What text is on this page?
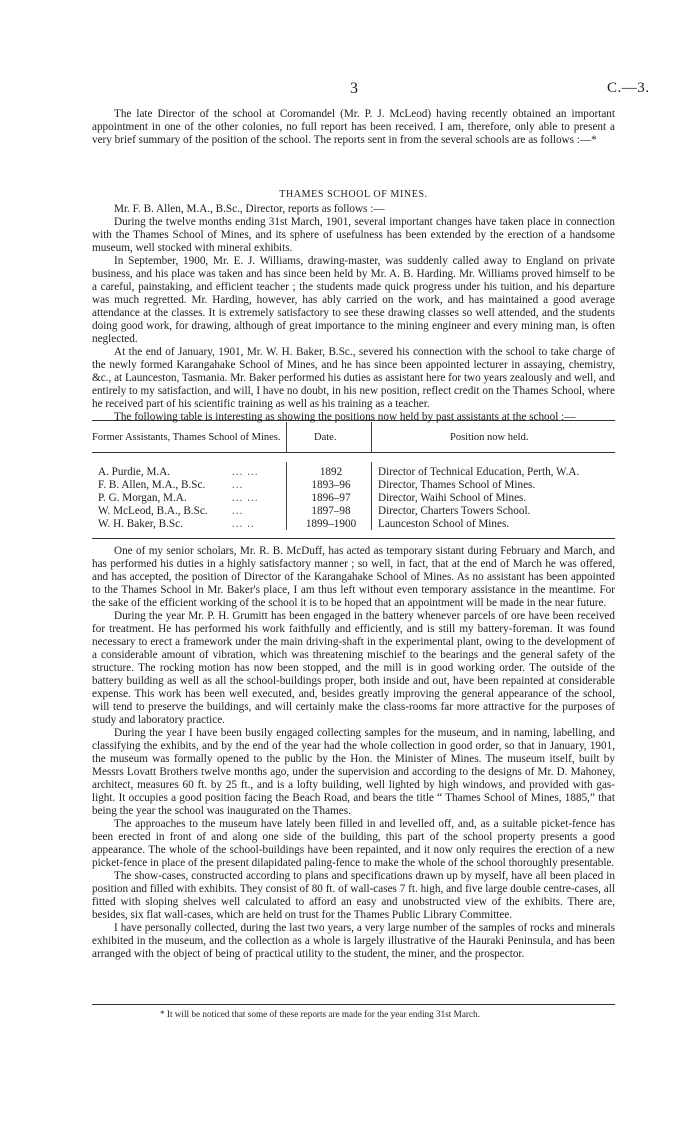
3	C.—3.

The late Director of the school at Coromandel (Mr. P. J. McLeod) having recently obtained an important appointment in one of the other colonies, no full report has been received. I am, therefore, only able to present a very brief summary of the position of the school. The reports sent in from the several schools are as follows :—*

THAMES SCHOOL OF MINES.

Mr. F. B. Allen, M.A., B.Sc., Director, reports as follows :—

During the twelve months ending 31st March, 1901, several important changes have taken place in connection with the Thames School of Mines, and its sphere of usefulness has been extended by the erection of a handsome museum, well stocked with mineral exhibits.

In September, 1900, Mr. E. J. Williams, drawing-master, was suddenly called away to England on private business, and his place was taken and has since been held by Mr. A. B. Harding. Mr. Williams proved himself to be a careful, painstaking, and efficient teacher ; the students made quick progress under his tuition, and his departure was much regretted. Mr. Harding, however, has ably carried on the work, and has maintained a good average attendance at the classes. It is extremely satisfactory to see these drawing classes so well attended, and the students doing good work, for drawing, although of great importance to the mining engineer and every mining man, is often neglected.

At the end of January, 1901, Mr. W. H. Baker, B.Sc., severed his connection with the school to take charge of the newly formed Karangahake School of Mines, and he has since been appointed lecturer in assaying, chemistry, &c., at Launceston, Tasmania. Mr. Baker performed his duties as assistant here for two years zealously and well, and entirely to my satisfaction, and will, I have no doubt, in his new position, reflect credit on the Thames School, where he received part of his scientific training as well as his training as a teacher.

The following table is interesting as showing the positions now held by past assistants at the school :—

Former Assistants, Thames School of Mines.	Date.	Position now held.
A. Purdie, M.A.	... ...	1892	Director of Technical Education, Perth, W.A.
F. B. Allen, M.A., B.Sc. ...	1893–96	Director, Thames School of Mines.
P. G. Morgan, M.A.	... ...	1896–97	Director, Waihi School of Mines.
W. McLeod, B.A., B.Sc. ...	1897–98	Director, Charters Towers School.
W. H. Baker, B.Sc.	... ..	1899–1900	Launceston School of Mines.

One of my senior scholars, Mr. R. B. McDuff, has acted as temporary sistant during February and March, and has performed his duties in a highly satisfactory manner ; so well, in fact, that at the end of March he was offered, and has accepted, the position of Director of the Karangahake School of Mines. As no assistant has been appointed to the Thames School in Mr. Baker's place, I am thus left without even temporary assistance in the meantime. For the sake of the efficient working of the school it is to be hoped that an appointment will be made in the near future.

During the year Mr. P. H. Grumitt has been engaged in the battery whenever parcels of ore have been received for treatment. He has performed his work faithfully and efficiently, and is still my battery-foreman. It was found necessary to erect a framework under the main driving-shaft in the experimental plant, owing to the development of a considerable amount of vibration, which was threatening mischief to the bearings and the general safety of the structure. The rocking motion has now been stopped, and the mill is in good working order. The outside of the battery building as well as all the school-buildings proper, both inside and out, have been repainted at considerable expense. This work has been well executed, and, besides greatly improving the general appearance of the school, will tend to preserve the buildings, and will certainly make the class-rooms far more attractive for the purposes of study and laboratory practice.

During the year I have been busily engaged collecting samples for the museum, and in naming, labelling, and classifying the exhibits, and by the end of the year had the whole collection in good order, so that in January, 1901, the museum was formally opened to the public by the Hon. the Minister of Mines. The museum itself, built by Messrs Lovatt Brothers twelve months ago, under the supervision and according to the designs of Mr. D. Mahoney, architect, measures 60 ft. by 25 ft., and is a lofty building, well lighted by high windows, and provided with gas-light. It occupies a good position facing the Beach Road, and bears the title “ Thames School of Mines, 1885,” that being the year the school was inaugurated on the Thames.

The approaches to the museum have lately been filled in and levelled off, and, as a suitable picket-fence has been erected in front of and along one side of the building, this part of the school property presents a good appearance. The whole of the school-buildings have been repainted, and it now only requires the erection of a new picket-fence in place of the present dilapidated paling-fence to make the whole of the school thoroughly presentable.

The show-cases, constructed according to plans and specifications drawn up by myself, have all been placed in position and filled with exhibits. They consist of 80 ft. of wall-cases 7 ft. high, and five large double centre-cases, all fitted with sloping shelves well calculated to afford an easy and unobstructed view of the exhibits. There are, besides, six flat wall-cases, which are held on trust for the Thames Public Library Committee.

I have personally collected, during the last two years, a very large number of the samples of rocks and minerals exhibited in the museum, and the collection as a whole is largely illustrative of the Hauraki Peninsula, and has been arranged with the object of being of practical utility to the student, the miner, and the prospector.

* It will be noticed that some of these reports are made for the year ending 31st March.
